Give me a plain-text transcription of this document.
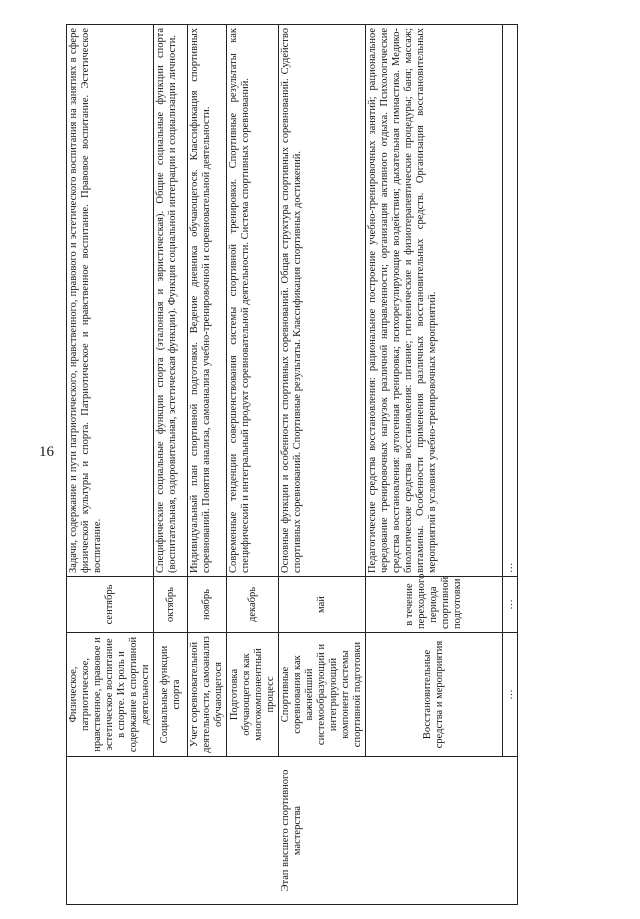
16
Этап высшего спортивного мастерства	Физическое, патриотическое, нравственное, правовое и эстетическое воспитание в спорте. Их роль и содержание в спортивной деятельности	сентябрь	Задачи, содержание и пути патриотического, нравственного, правового и эстетического воспитания на занятиях в сфере физической культуры и спорта. Патриотическое и нравственное воспитание. Правовое воспитание. Эстетическое воспитание.
	Социальные функции спорта	октябрь	Специфические социальные функции спорта (эталонная и эвристическая). Общие социальные функции спорта (воспитательная, оздоровительная, эстетическая функции). Функция социальной интеграции и социализации личности.
	Учет соревновательной деятельности, самоанализ обучающегося	ноябрь	Индивидуальный план спортивной подготовки. Ведение дневника обучающегося. Классификация спортивных соревнований. Понятия анализа, самоанализа учебно-тренировочной и соревновательной деятельности.
	Подготовка обучающегося как многокомпонентный процесс	декабрь	Современные тенденции совершенствования системы спортивной тренировки. Спортивные результаты как специфический и интегральный продукт соревновательной деятельности. Система спортивных соревнований.
	Спортивные соревнования как важнейший системообразующий и интегрирующий компонент системы спортивной подготовки	май	Основные функции и особенности спортивных соревнований. Общая структура спортивных соревнований. Судейство спортивных соревнований. Спортивные результаты. Классификация спортивных достижений.
	Восстановительные средства и мероприятия	в течение переходного периода спортивной подготовки	Педагогические средства восстановления: рациональное построение учебно-тренировочных занятий; рациональное чередование тренировочных нагрузок различной направленности; организация активного отдыха. Психологические средства восстановления: аутогенная тренировка; психорегулирующие воздействия; дыхательная гимнастика. Медико-биологические средства восстановления: питание; гигиенические и физиотерапевтические процедуры; баня; массаж; витамины. Особенности применения различных восстановительных средств. Организация восстановительных мероприятий в условиях учебно-тренировочных мероприятий.
	…	…	…
